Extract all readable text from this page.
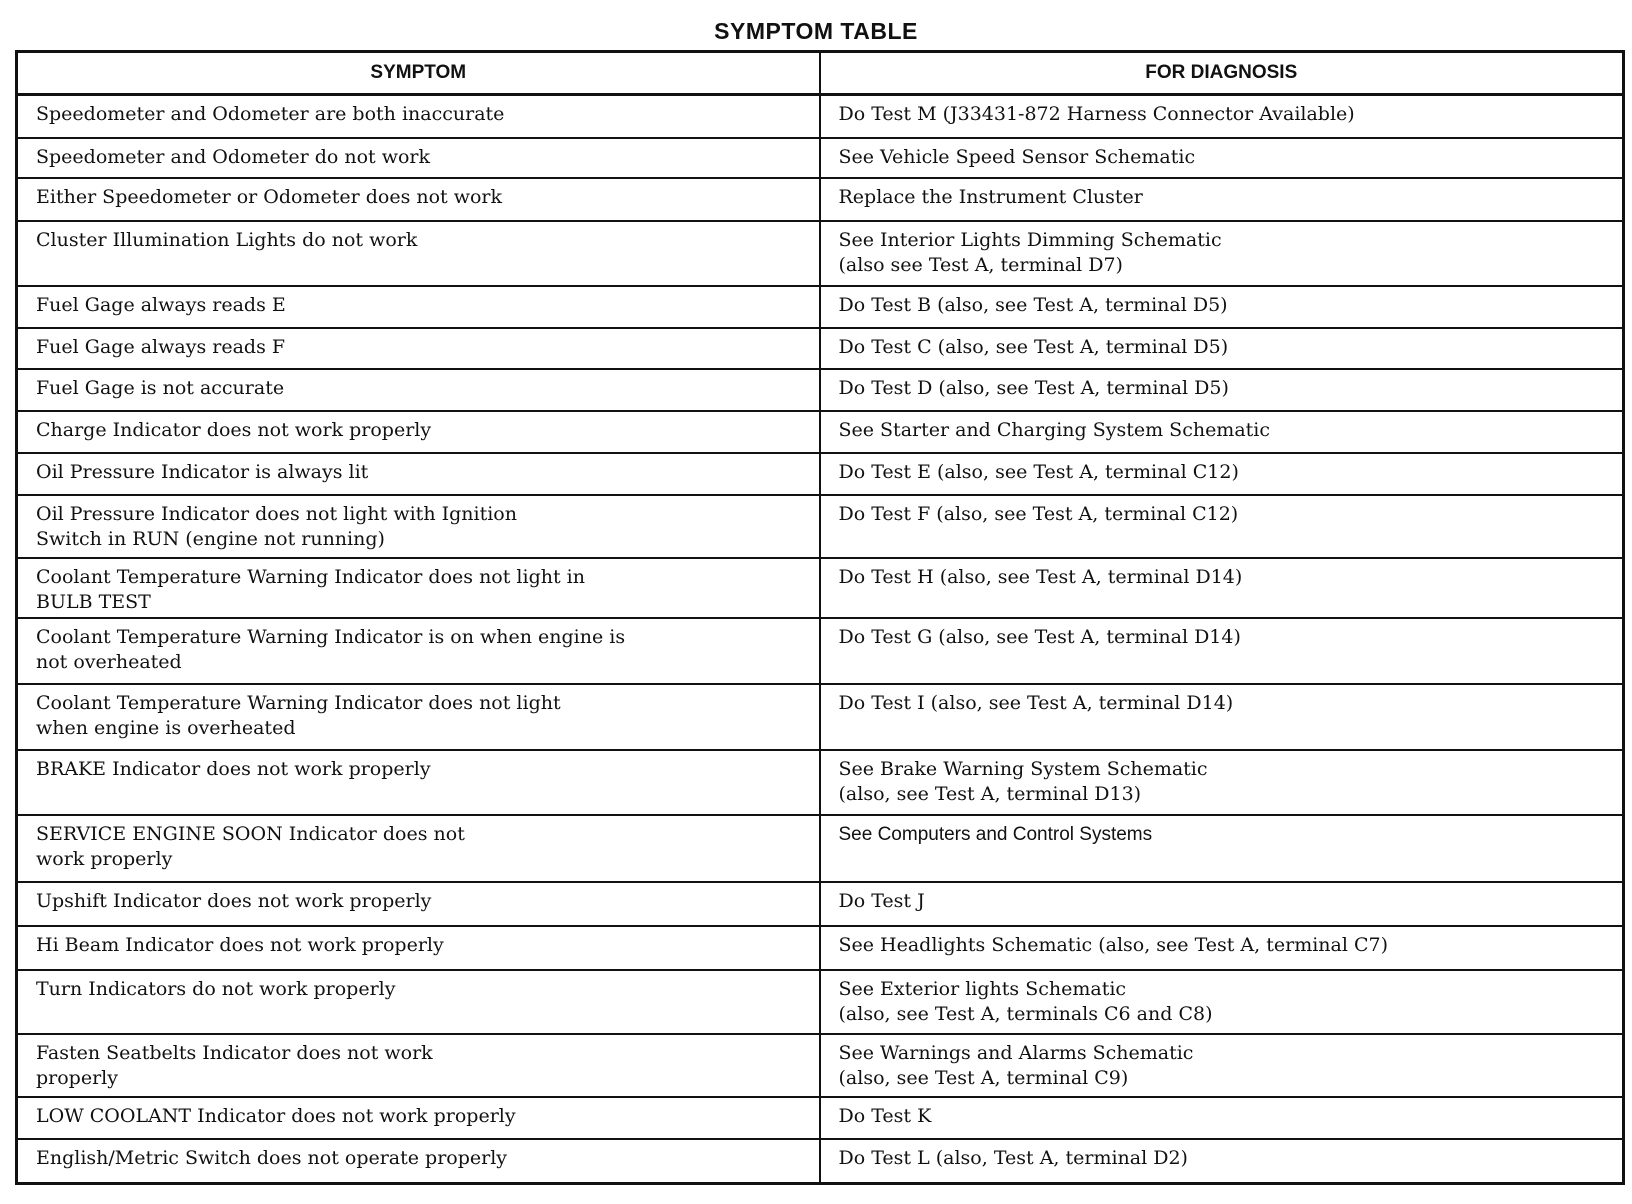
SYMPTOM TABLE
SYMPTOM	FOR DIAGNOSIS
Speedometer and Odometer are both inaccurate	Do Test M (J33431-872 Harness Connector Available)
Speedometer and Odometer do not work	See Vehicle Speed Sensor Schematic
Either Speedometer or Odometer does not work	Replace the Instrument Cluster
Cluster Illumination Lights do not work	See Interior Lights Dimming Schematic
(also see Test A, terminal D7)
Fuel Gage always reads E	Do Test B (also, see Test A, terminal D5)
Fuel Gage always reads F	Do Test C (also, see Test A, terminal D5)
Fuel Gage is not accurate	Do Test D (also, see Test A, terminal D5)
Charge Indicator does not work properly	See Starter and Charging System Schematic
Oil Pressure Indicator is always lit	Do Test E (also, see Test A, terminal C12)
Oil Pressure Indicator does not light with Ignition
Switch in RUN (engine not running)	Do Test F (also, see Test A, terminal C12)
Coolant Temperature Warning Indicator does not light in
BULB TEST	Do Test H (also, see Test A, terminal D14)
Coolant Temperature Warning Indicator is on when engine is
not overheated	Do Test G (also, see Test A, terminal D14)
Coolant Temperature Warning Indicator does not light
when engine is overheated	Do Test I (also, see Test A, terminal D14)
BRAKE Indicator does not work properly	See Brake Warning System Schematic
(also, see Test A, terminal D13)
SERVICE ENGINE SOON Indicator does not
work properly	See Computers and Control Systems
Upshift Indicator does not work properly	Do Test J
Hi Beam Indicator does not work properly	See Headlights Schematic (also, see Test A, terminal C7)
Turn Indicators do not work properly	See Exterior lights Schematic
(also, see Test A, terminals C6 and C8)
Fasten Seatbelts Indicator does not work
properly	See Warnings and Alarms Schematic
(also, see Test A, terminal C9)
LOW COOLANT Indicator does not work properly	Do Test K
English/Metric Switch does not operate properly	Do Test L (also, Test A, terminal D2)
